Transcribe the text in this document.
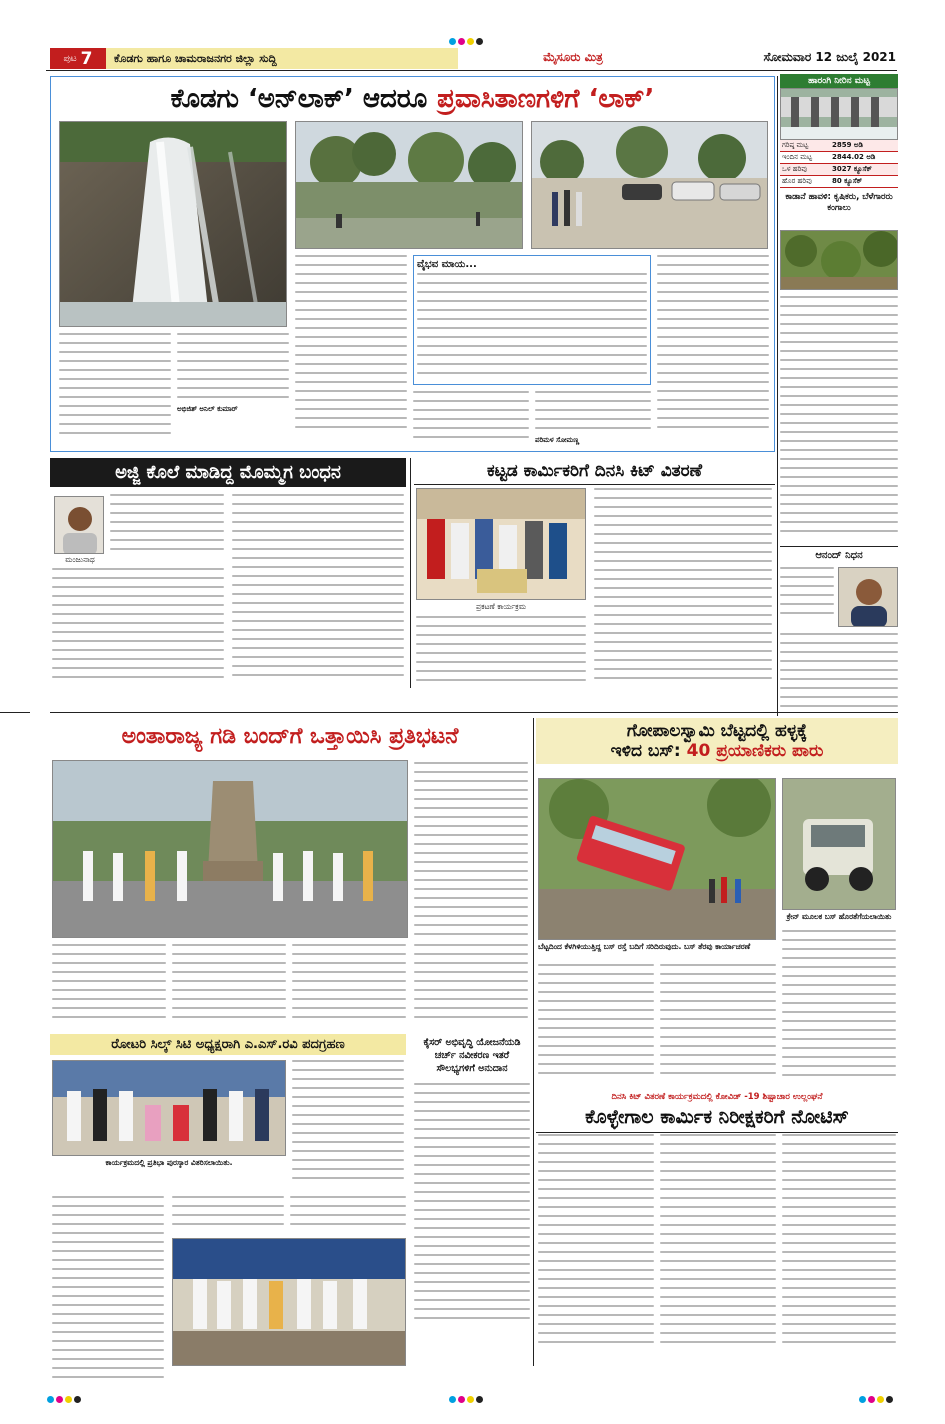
ಪುಟ 7 ಕೊಡಗು ಹಾಗೂ ಚಾಮರಾಜನಗರ ಜಿಲ್ಲಾ ಸುದ್ದಿ	ಮೈಸೂರು ಮಿತ್ರ	ಸೋಮವಾರ 12 ಜುಲೈ 2021
ಕೊಡಗು ‘ಅನ್‌ಲಾಕ್’ ಆದರೂ ಪ್ರವಾಸಿತಾಣಗಳಿಗೆ ‘ಲಾಕ್’
ಅಭಿಜಿತ್ ಅನಿಲ್ ಕುಮಾರ್
ವೈಭವ ಮಾಯ...
ಪರಿಮಳ ಸೋಮಣ್ಣ
ಹಾರಂಗಿ ನೀರಿನ ಮಟ್ಟ
ಗರಿಷ್ಠ ಮಟ್ಟ	2859 ಅಡಿ
ಇಂದಿನ ಮಟ್ಟ	2844.02 ಅಡಿ
ಒಳ ಹರಿವು	3027 ಕ್ಯೂಸೆಕ್
ಹೊರ ಹರಿವು	80 ಕ್ಯೂಸೆಕ್
ಕಾಡಾನೆ ಹಾವಳಿ: ಕೃಷಿಕರು, ಬೆಳೆಗಾರರು ಕಂಗಾಲು
ಆನಂದ್ ನಿಧನ
ಅಜ್ಜಿ ಕೊಲೆ ಮಾಡಿದ್ದ ಮೊಮ್ಮಗ ಬಂಧನ
ಮಂಜುನಾಥ
ಕಟ್ಟಡ ಕಾರ್ಮಿಕರಿಗೆ ದಿನಸಿ ಕಿಟ್ ವಿತರಣೆ
ಪ್ರಕಟಣೆ ಕಾರ್ಯಕ್ರಮ
ಅಂತಾರಾಜ್ಯ ಗಡಿ ಬಂದ್‌ಗೆ ಒತ್ತಾಯಿಸಿ ಪ್ರತಿಭಟನೆ	ಗೋಪಾಲಸ್ವಾಮಿ ಬೆಟ್ಟದಲ್ಲಿ ಹಳ್ಳಕ್ಕೆ
ಇಳಿದ ಬಸ್: 40 ಪ್ರಯಾಣಿಕರು ಪಾರು
ಕ್ರೇನ್ ಮೂಲಕ ಬಸ್ ಹೊರತೆಗೆಯಲಾಯಿತು
ಬೆಟ್ಟದಿಂದ ಕೆಳಗಿಳಿಯುತ್ತಿದ್ದ ಬಸ್ ರಸ್ತೆ ಬದಿಗೆ ಸರಿದಿರುವುದು. ಬಸ್ ತೆರವು ಕಾರ್ಯಾಚರಣೆ
ರೋಟರಿ ಸಿಲ್ಕ್ ಸಿಟಿ ಅಧ್ಯಕ್ಷರಾಗಿ ಎ.ಎಸ್.ರವಿ ಪದಗ್ರಹಣ
ಕಾರ್ಯಕ್ರಮದಲ್ಲಿ ಪ್ರತಿಭಾ ಪುರಸ್ಕಾರ ವಿತರಿಸಲಾಯಿತು.
ಕೈಸರ್ ಅಭಿವೃದ್ಧಿ ಯೋಜನೆಯಡಿ ಚರ್ಚ್ ನವೀಕರಣ ಇತರೆ ಸೌಲಭ್ಯಗಳಿಗೆ ಅನುದಾನ
ದಿನಸಿ ಕಿಟ್ ವಿತರಣೆ ಕಾರ್ಯಕ್ರಮದಲ್ಲಿ ಕೋವಿಡ್ -19 ಶಿಷ್ಟಾಚಾರ ಉಲ್ಲಂಘನೆ
ಕೊಳ್ಳೇಗಾಲ ಕಾರ್ಮಿಕ ನಿರೀಕ್ಷಕರಿಗೆ ನೋಟಿಸ್
